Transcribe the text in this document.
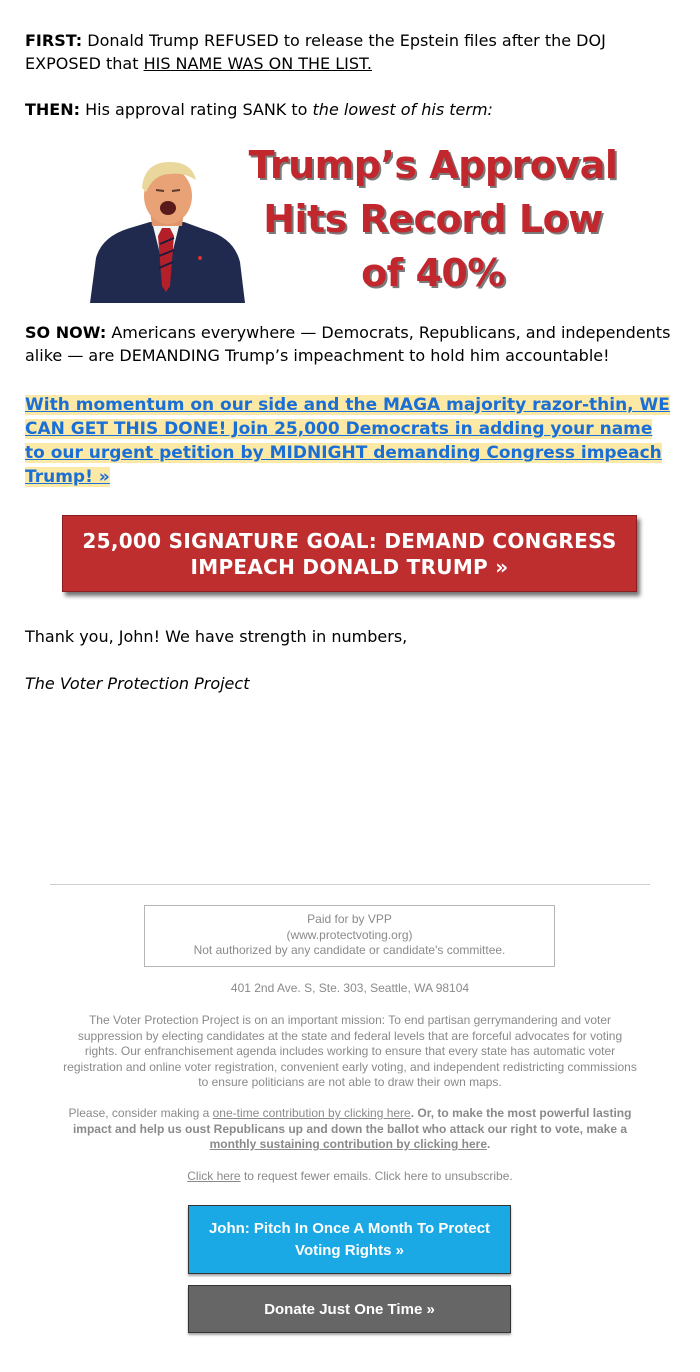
FIRST: Donald Trump REFUSED to release the Epstein files after the DOJ EXPOSED that HIS NAME WAS ON THE LIST.

THEN: His approval rating SANK to the lowest of his term:

Trump’s Approval
Hits Record Low
of 40%

SO NOW: Americans everywhere — Democrats, Republicans, and independents alike — are DEMANDING Trump’s impeachment to hold him accountable!

With momentum on our side and the MAGA majority razor-thin, WE CAN GET THIS DONE! Join 25,000 Democrats in adding your name to our urgent petition by MIDNIGHT demanding Congress impeach Trump! »

Thank you, John! We have strength in numbers,

The Voter Protection Project

25,000 SIGNATURE GOAL: DEMAND CONGRESS
IMPEACH DONALD TRUMP »
Paid for by VPP
(www.protectvoting.org)
Not authorized by any candidate or candidate's committee.
401 2nd Ave. S, Ste. 303, Seattle, WA 98104
The Voter Protection Project is on an important mission: To end partisan gerrymandering and voter suppression by electing candidates at the state and federal levels that are forceful advocates for voting rights. Our enfranchisement agenda includes working to ensure that every state has automatic voter registration and online voter registration, convenient early voting, and independent redistricting commissions to ensure politicians are not able to draw their own maps.
Please, consider making a one-time contribution by clicking here. Or, to make the most powerful lasting impact and help us oust Republicans up and down the ballot who attack our right to vote, make a monthly sustaining contribution by clicking here.
Click here to request fewer emails. Click here to unsubscribe.
John: Pitch In Once A Month To Protect
Voting Rights »
Donate Just One Time »
